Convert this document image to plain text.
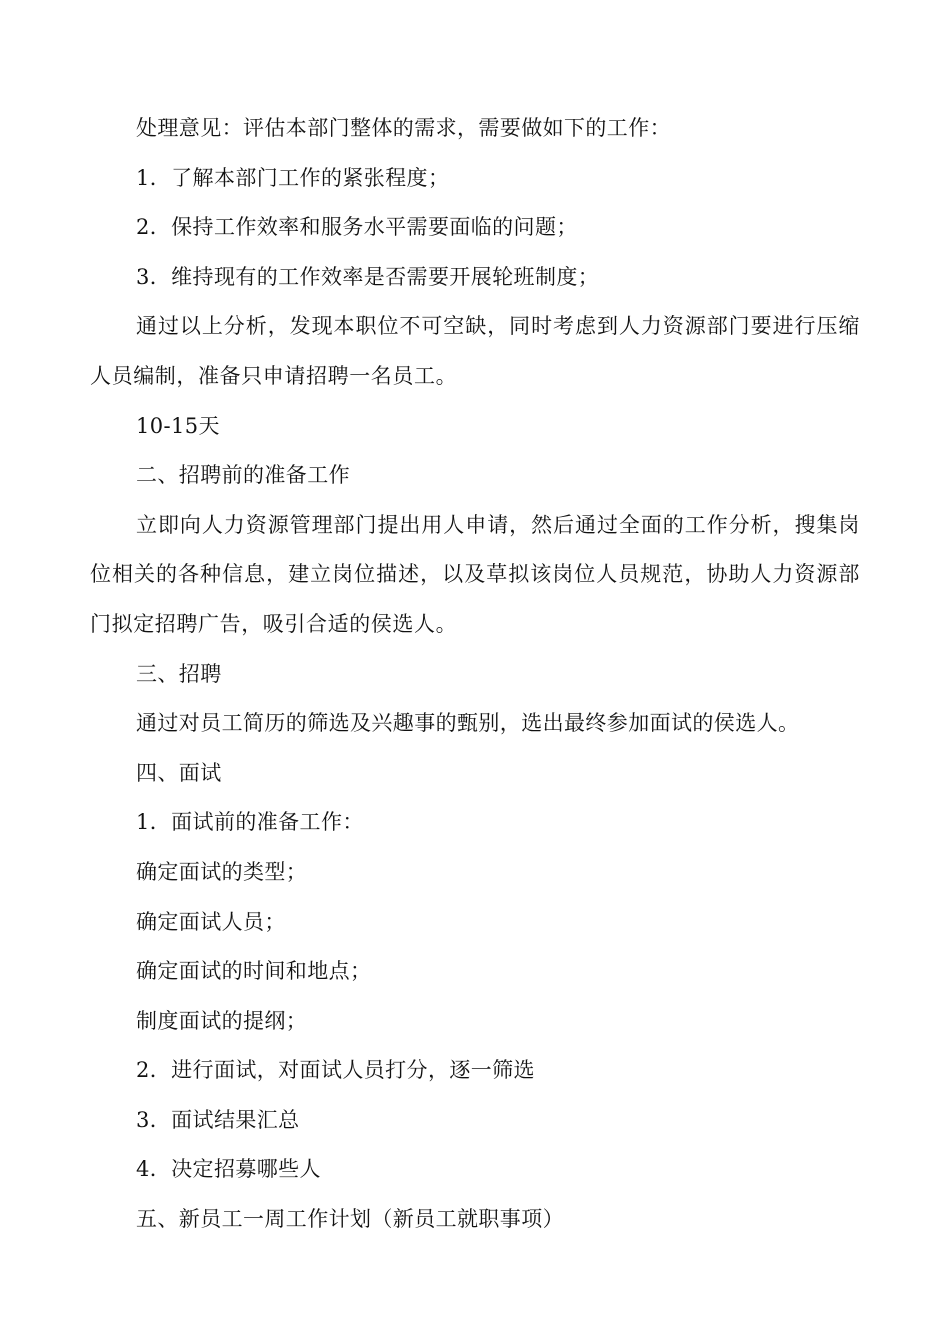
处理意见：评估本部门整体的需求，需要做如下的工作：

1．了解本部门工作的紧张程度；

2．保持工作效率和服务水平需要面临的问题；

3．维持现有的工作效率是否需要开展轮班制度；

通过以上分析，发现本职位不可空缺，同时考虑到人力资源部门要进行压缩人员编制，准备只申请招聘一名员工。

10-15天

二、招聘前的准备工作

立即向人力资源管理部门提出用人申请，然后通过全面的工作分析，搜集岗位相关的各种信息，建立岗位描述，以及草拟该岗位人员规范，协助人力资源部门拟定招聘广告，吸引合适的侯选人。

三、招聘

通过对员工简历的筛选及兴趣事的甄别，选出最终参加面试的侯选人。

四、面试

1．面试前的准备工作：

确定面试的类型；

确定面试人员；

确定面试的时间和地点；

制度面试的提纲；

2．进行面试，对面试人员打分，逐一筛选

3．面试结果汇总

4．决定招募哪些人

五、新员工一周工作计划（新员工就职事项）
